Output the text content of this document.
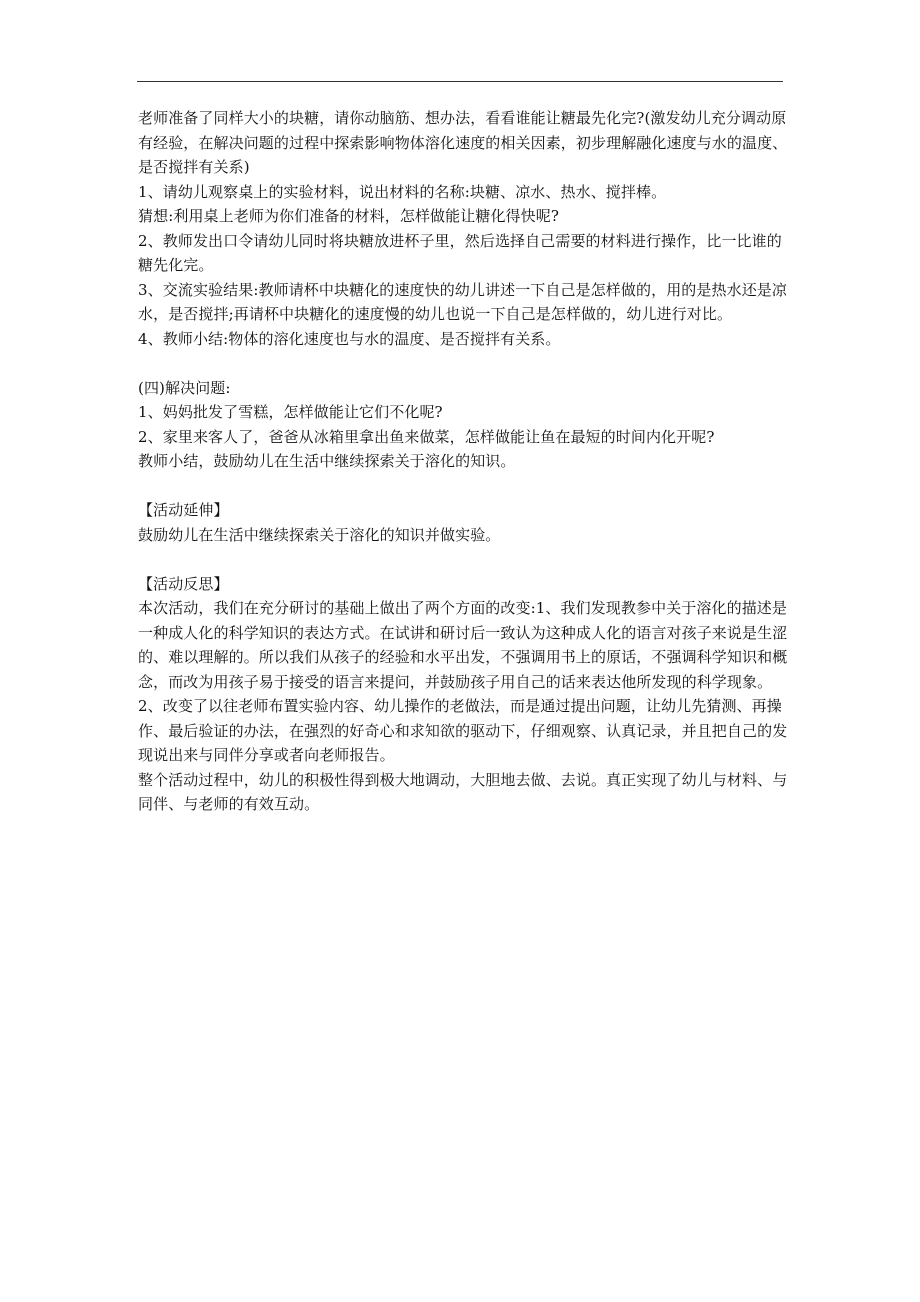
老师准备了同样大小的块糖，请你动脑筋、想办法，看看谁能让糖最先化完?(激发幼儿充分调动原有经验，在解决问题的过程中探索影响物体溶化速度的相关因素，初步理解融化速度与水的温度、是否搅拌有关系)

1、请幼儿观察桌上的实验材料，说出材料的名称:块糖、凉水、热水、搅拌棒。

猜想:利用桌上老师为你们准备的材料，怎样做能让糖化得快呢?

2、教师发出口令请幼儿同时将块糖放进杯子里，然后选择自己需要的材料进行操作，比一比谁的糖先化完。

3、交流实验结果:教师请杯中块糖化的速度快的幼儿讲述一下自己是怎样做的，用的是热水还是凉水，是否搅拌;再请杯中块糖化的速度慢的幼儿也说一下自己是怎样做的，幼儿进行对比。

4、教师小结:物体的溶化速度也与水的温度、是否搅拌有关系。

(四)解决问题:

1、妈妈批发了雪糕，怎样做能让它们不化呢?

2、家里来客人了，爸爸从冰箱里拿出鱼来做菜，怎样做能让鱼在最短的时间内化开呢?

教师小结，鼓励幼儿在生活中继续探索关于溶化的知识。

【活动延伸】

鼓励幼儿在生活中继续探索关于溶化的知识并做实验。

【活动反思】

本次活动，我们在充分研讨的基础上做出了两个方面的改变:1、我们发现教参中关于溶化的描述是一种成人化的科学知识的表达方式。在试讲和研讨后一致认为这种成人化的语言对孩子来说是生涩的、难以理解的。所以我们从孩子的经验和水平出发，不强调用书上的原话，不强调科学知识和概念，而改为用孩子易于接受的语言来提问，并鼓励孩子用自己的话来表达他所发现的科学现象。2、改变了以往老师布置实验内容、幼儿操作的老做法，而是通过提出问题，让幼儿先猜测、再操作、最后验证的办法，在强烈的好奇心和求知欲的驱动下，仔细观察、认真记录，并且把自己的发现说出来与同伴分享或者向老师报告。

整个活动过程中，幼儿的积极性得到极大地调动，大胆地去做、去说。真正实现了幼儿与材料、与同伴、与老师的有效互动。
